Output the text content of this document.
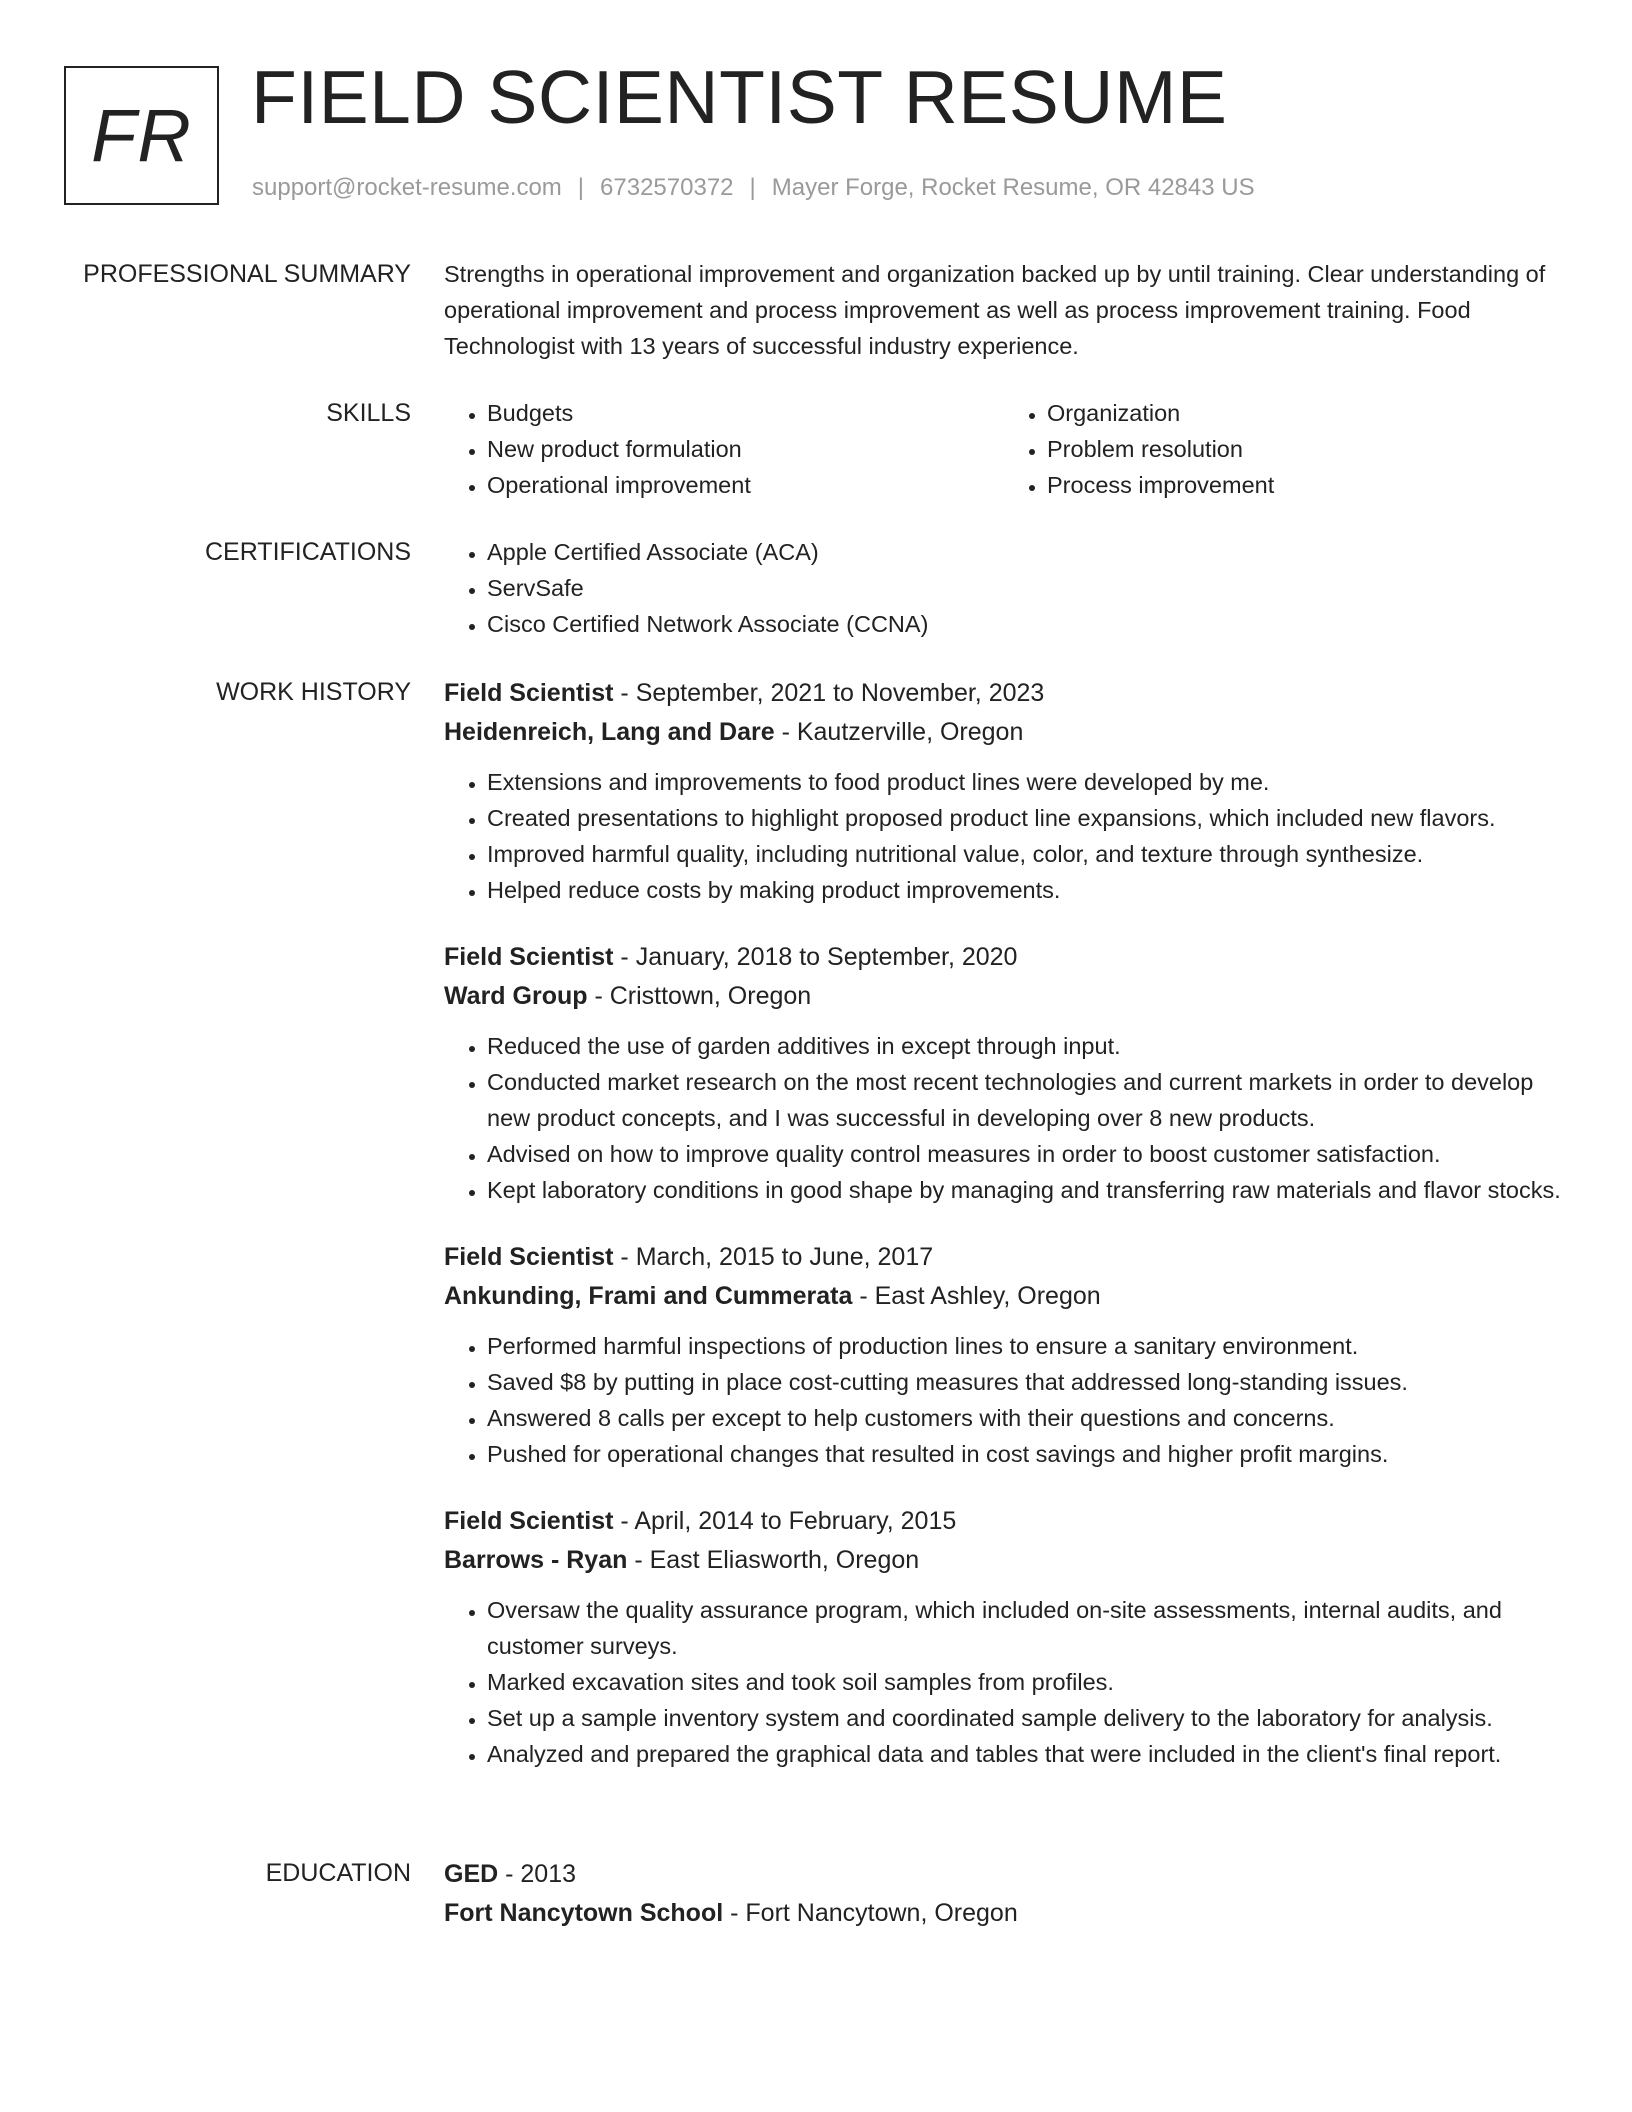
FR FIELD SCIENTIST RESUME
support@rocket-resume.com | 6732570372 | Mayer Forge, Rocket Resume, OR 42843 US
PROFESSIONAL SUMMARY Strengths in operational improvement and organization backed up by until training. Clear understanding of operational improvement and process improvement as well as process improvement training. Food Technologist with 13 years of successful industry experience.

SKILLS	• Budgets
• New product formulation
• Operational improvement
• Organization
• Problem resolution
• Process improvement
CERTIFICATIONS	• Apple Certified Associate (ACA)
• ServSafe
• Cisco Certified Network Associate (CCNA)
WORK HISTORY Field Scientist - September, 2021 to November, 2023
Heidenreich, Lang and Dare - Kautzerville, Oregon
• Extensions and improvements to food product lines were developed by me.
• Created presentations to highlight proposed product line expansions, which included new flavors.
• Improved harmful quality, including nutritional value, color, and texture through synthesize.
• Helped reduce costs by making product improvements.
Field Scientist - January, 2018 to September, 2020
Ward Group - Cristtown, Oregon
• Reduced the use of garden additives in except through input.
• Conducted market research on the most recent technologies and current markets in order to develop new product concepts, and I was successful in developing over 8 new products.
• Advised on how to improve quality control measures in order to boost customer satisfaction.
• Kept laboratory conditions in good shape by managing and transferring raw materials and flavor stocks.
Field Scientist - March, 2015 to June, 2017
Ankunding, Frami and Cummerata - East Ashley, Oregon
• Performed harmful inspections of production lines to ensure a sanitary environment.
• Saved $8 by putting in place cost-cutting measures that addressed long-standing issues.
• Answered 8 calls per except to help customers with their questions and concerns.
• Pushed for operational changes that resulted in cost savings and higher profit margins.
Field Scientist - April, 2014 to February, 2015
Barrows - Ryan - East Eliasworth, Oregon
• Oversaw the quality assurance program, which included on-site assessments, internal audits, and customer surveys.
• Marked excavation sites and took soil samples from profiles.
• Set up a sample inventory system and coordinated sample delivery to the laboratory for analysis.
• Analyzed and prepared the graphical data and tables that were included in the client's final report.
EDUCATION GED - 2013
Fort Nancytown School - Fort Nancytown, Oregon
